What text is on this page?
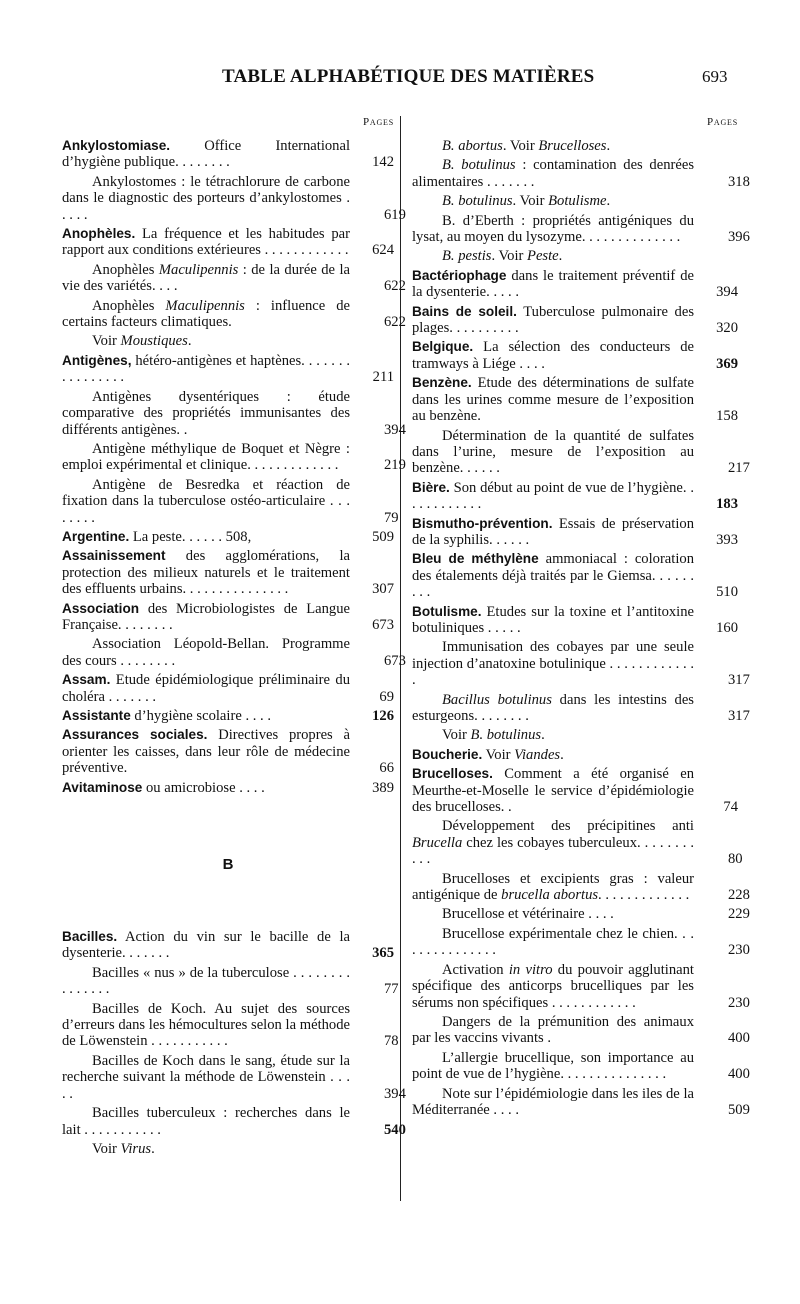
TABLE ALPHABÉTIQUE DES MATIÈRES	693
Pages
Ankylostomiase. Office International d’hygiène publique. . . . . . . .	142
Ankylostomes : le tétrachlorure de carbone dans le diagnostic des porteurs d’ankylostomes . . . . .	619
Anophèles. La fréquence et les habitudes par rapport aux conditions extérieures . . . . . . . . . . . .	624
Anophèles Maculipennis : de la durée de la vie des variétés. . . .	622
Anophèles Maculipennis : influence de certains facteurs climatiques.	622
Voir Moustiques.
Antigènes, hétéro-antigènes et haptènes. . . . . . . . . . . . . . . .	211
Antigènes dysentériques : étude comparative des propriétés immunisantes des différents antigènes. .	394
Antigène méthylique de Boquet et Nègre : emploi expérimental et clinique. . . . . . . . . . . . .	219
Antigène de Besredka et réaction de fixation dans la tuberculose ostéo-articulaire . . . . . . . .	79
Argentine. La peste. . . . . . 508,	509
Assainissement des agglomérations, la protection des milieux naturels et le traitement des effluents urbains. . . . . . . . . . . . . . .	307
Association des Microbiologistes de Langue Française. . . . . . . .	673
Association Léopold-Bellan. Programme des cours . . . . . . . .	673
Assam. Etude épidémiologique préliminaire du choléra . . . . . . .	69
Assistante d’hygiène scolaire . . . .	126
Assurances sociales. Directives propres à orienter les caisses, dans leur rôle de médecine préventive.	66
Avitaminose ou amicrobiose . . . .	389
B
Bacilles. Action du vin sur le bacille de la dysenterie. . . . . . .	365
Bacilles « nus » de la tuberculose . . . . . . . . . . . . . . .	77
Bacilles de Koch. Au sujet des sources d’erreurs dans les hémocultures selon la méthode de Löwenstein . . . . . . . . . . .	78
Bacilles de Koch dans le sang, étude sur la recherche suivant la méthode de Löwenstein . . . . .	394
Bacilles tuberculeux : recherches dans le lait . . . . . . . . . . .	540
Voir Virus.
Pages
B. abortus. Voir Brucelloses.
B. botulinus : contamination des denrées alimentaires . . . . . . .	318
B. botulinus. Voir Botulisme.
B. d’Eberth : propriétés antigéniques du lysat, au moyen du lysozyme. . . . . . . . . . . . . .	396
B. pestis. Voir Peste.
Bactériophage dans le traitement préventif de la dysenterie. . . . .	394
Bains de soleil. Tuberculose pulmonaire des plages. . . . . . . . . .	320
Belgique. La sélection des conducteurs de tramways à Liége . . . .	369
Benzène. Etude des déterminations de sulfate dans les urines comme mesure de l’exposition au benzène.	158
Détermination de la quantité de sulfates dans l’urine, mesure de l’exposition au benzène. . . . . .	217
Bière. Son début au point de vue de l’hygiène. . . . . . . . . . . .	183
Bismutho-prévention. Essais de préservation de la syphilis. . . . . .	393
Bleu de méthylène ammoniacal : coloration des étalements déjà traités par le Giemsa. . . . . . . . .	510
Botulisme. Etudes sur la toxine et l’antitoxine botuliniques . . . . .	160
Immunisation des cobayes par une seule injection d’anatoxine botulinique . . . . . . . . . . . . .	317
Bacillus botulinus dans les intestins des esturgeons. . . . . . . .	317
Voir B. botulinus.
Boucherie. Voir Viandes.
Brucelloses. Comment a été organisé en Meurthe-et-Moselle le service d’épidémiologie des brucelloses. .	74
Développement des précipitines anti Brucella chez les cobayes tuberculeux. . . . . . . . . . .	80
Brucelloses et excipients gras : valeur antigénique de brucella abortus. . . . . . . . . . . . .	228
Brucellose et vétérinaire . . . .	229
Brucellose expérimentale chez le chien. . . . . . . . . . . . . . .	230
Activation in vitro du pouvoir agglutinant spécifique des anticorps brucelliques par les sérums non spécifiques . . . . . . . . . . . .	230
Dangers de la prémunition des animaux par les vaccins vivants .	400
L’allergie brucellique, son importance au point de vue de l’hygiène. . . . . . . . . . . . . . .	400
Note sur l’épidémiologie dans les iles de la Méditerranée . . . .	509
